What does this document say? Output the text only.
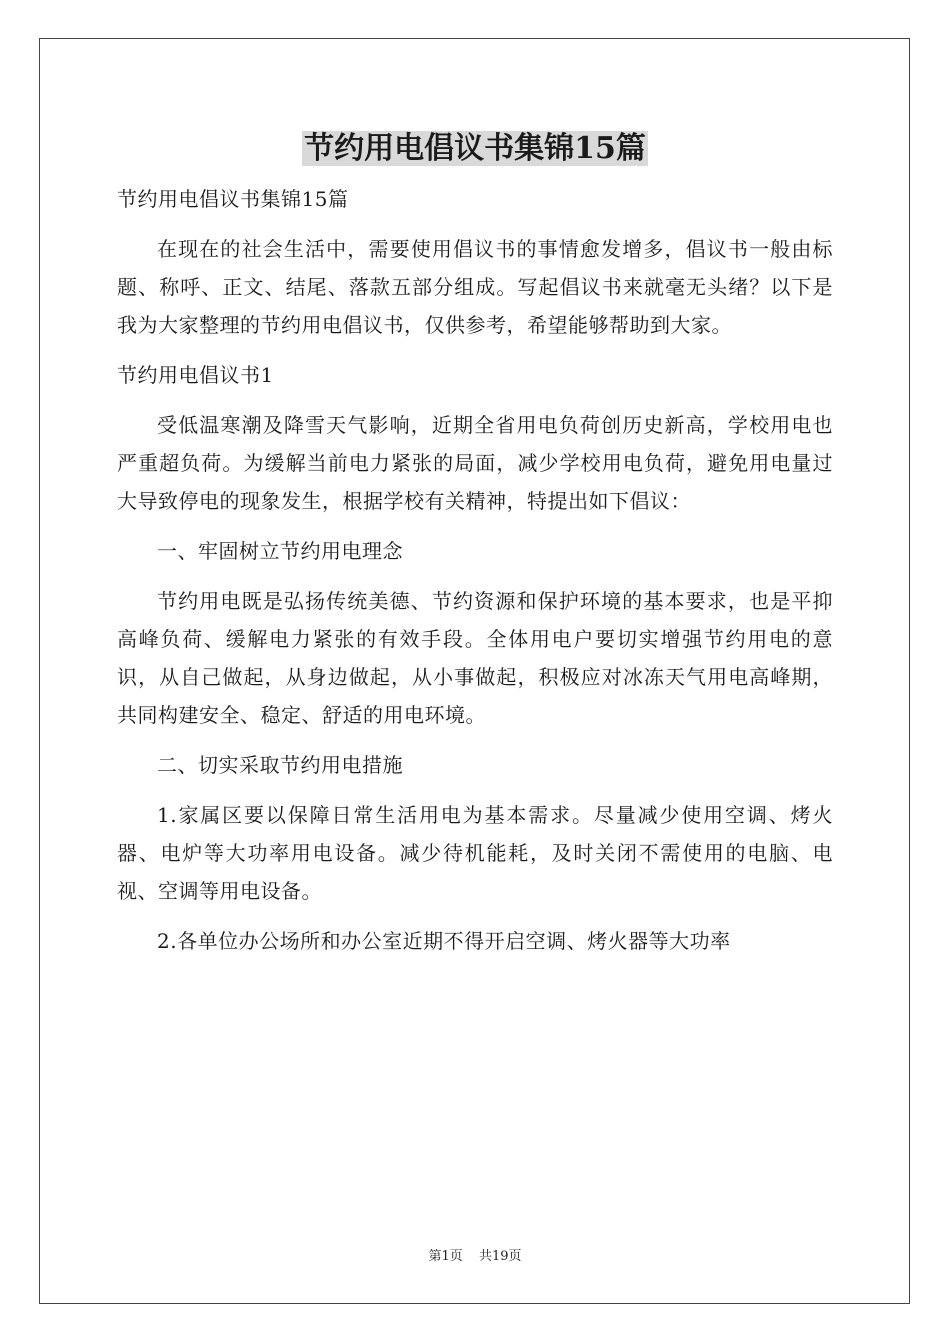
节约用电倡议书集锦15篇

节约用电倡议书集锦15篇

在现在的社会生活中，需要使用倡议书的事情愈发增多，倡议书一般由标题、称呼、正文、结尾、落款五部分组成。写起倡议书来就毫无头绪？以下是我为大家整理的节约用电倡议书，仅供参考，希望能够帮助到大家。

节约用电倡议书1

受低温寒潮及降雪天气影响，近期全省用电负荷创历史新高，学校用电也严重超负荷。为缓解当前电力紧张的局面，减少学校用电负荷，避免用电量过大导致停电的现象发生，根据学校有关精神，特提出如下倡议：

一、牢固树立节约用电理念

节约用电既是弘扬传统美德、节约资源和保护环境的基本要求，也是平抑高峰负荷、缓解电力紧张的有效手段。全体用电户要切实增强节约用电的意识，从自己做起，从身边做起，从小事做起，积极应对冰冻天气用电高峰期，共同构建安全、稳定、舒适的用电环境。

二、切实采取节约用电措施

1.家属区要以保障日常生活用电为基本需求。尽量减少使用空调、烤火器、电炉等大功率用电设备。减少待机能耗，及时关闭不需使用的电脑、电视、空调等用电设备。

2.各单位办公场所和办公室近期不得开启空调、烤火器等大功率

第1页 共19页
